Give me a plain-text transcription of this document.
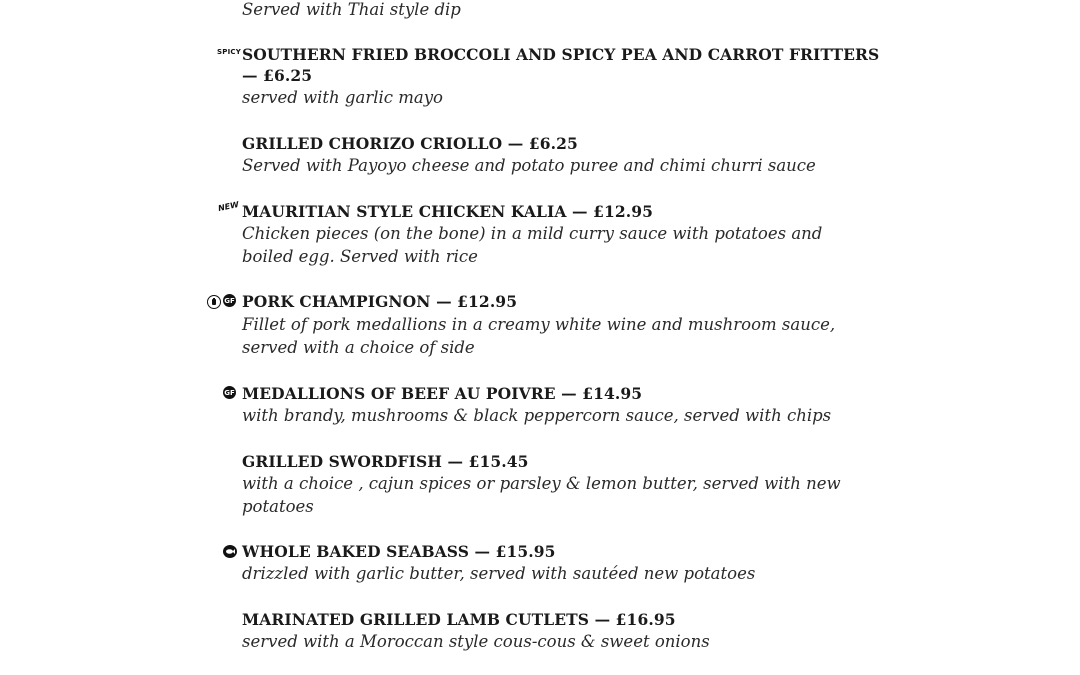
Served with Thai style dip
SPICY SOUTHERN FRIED BROCCOLI AND SPICY PEA AND CARROT FRITTERS
— £6.25
served with garlic mayo
GRILLED CHORIZO CRIOLLO — £6.25
Served with Payoyo cheese and potato puree and chimi churri sauce
NEW MAURITIAN STYLE CHICKEN KALIA — £12.95
Chicken pieces (on the bone) in a mild curry sauce with potatoes and
boiled egg. Served with rice
GF PORK CHAMPIGNON — £12.95
Fillet of pork medallions in a creamy white wine and mushroom sauce,
served with a choice of side
GF MEDALLIONS OF BEEF AU POIVRE — £14.95
with brandy, mushrooms & black peppercorn sauce, served with chips
GRILLED SWORDFISH — £15.45
with a choice , cajun spices or parsley & lemon butter, served with new
potatoes
WHOLE BAKED SEABASS — £15.95
drizzled with garlic butter, served with sautéed new potatoes
MARINATED GRILLED LAMB CUTLETS — £16.95
served with a Moroccan style cous-cous & sweet onions
